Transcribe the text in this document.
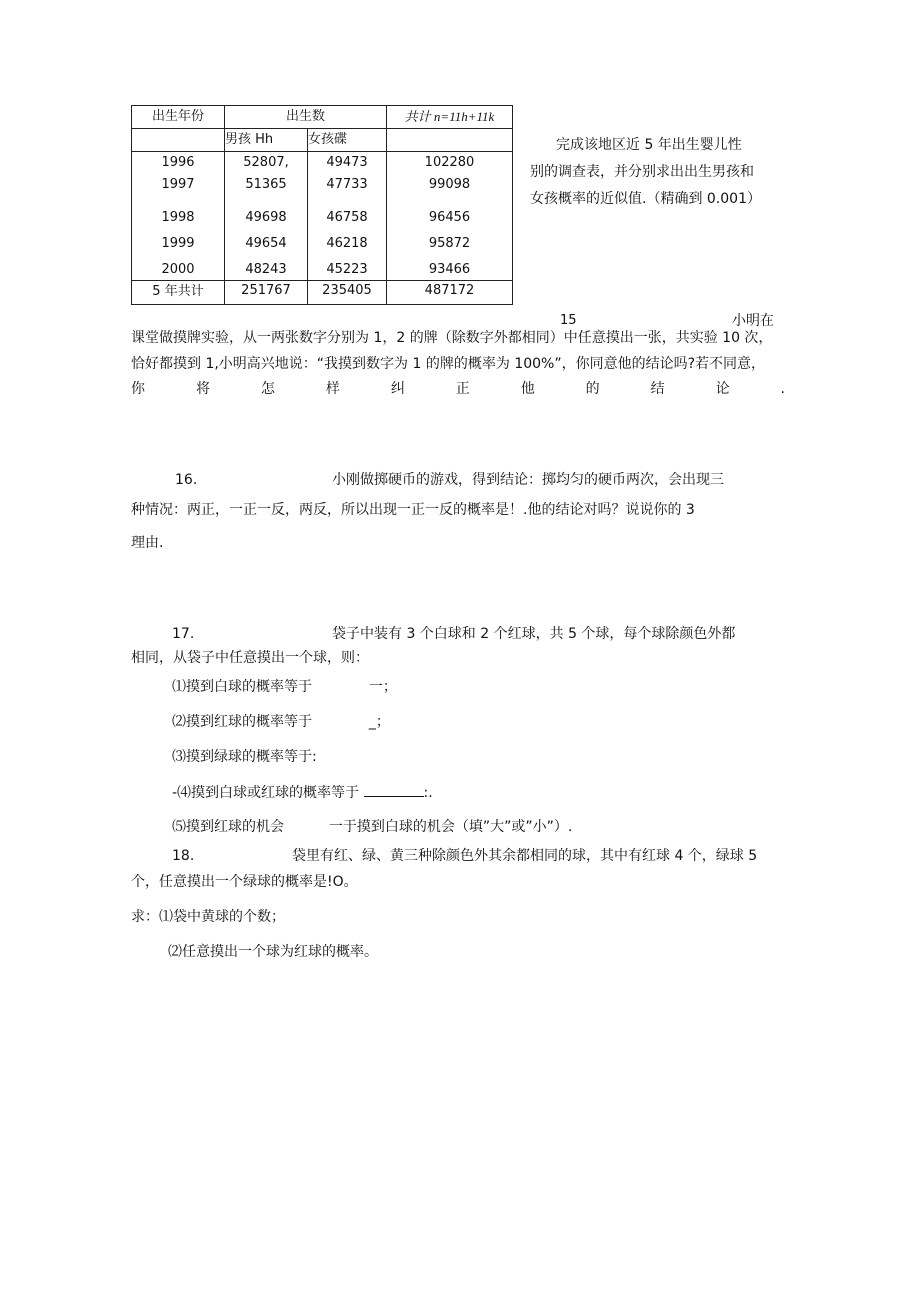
出生年份	出生数		共计 n=11h+11k
	男孩 Hh	女孩碟	
1996	52807,	49473	102280
1997	51365	47733	99098
1998	49698	46758	96456
1999	49654	46218	95872
2000	48243	45223	93466
5 年共计	251767	235405	487172
完成该地区近 5 年出生婴儿性
别的调查表，并分别求出出生男孩和
女孩概率的近似值.（精确到 0.001）
15	小明在
课堂做摸牌实验，从一两张数字分别为 1，2 的牌（除数字外都相同）中任意摸出一张，共实验 10 次，
恰好都摸到 1,小明高兴地说：“我摸到数字为 1 的牌的概率为 100%”，你同意他的结论吗?若不同意，
你	将	怎	样	纠	正	他	的	结	论	.
16.	小刚做掷硬币的游戏，得到结论：掷均匀的硬币两次，会出现三
种情况：两正，一正一反，两反，所以出现一正一反的概率是！.他的结论对吗？说说你的 3
理由.
17.	袋子中装有 3 个白球和 2 个红球，共 5 个球，每个球除颜色外都
相同，从袋子中任意摸出一个球，则：
⑴摸到白球的概率等于	一；
⑵摸到红球的概率等于	_；
⑶摸到绿球的概率等于:
-⑷摸到白球或红球的概率等于	:.
⑸摸到红球的机会	一于摸到白球的机会（填”大”或”小”）.
18.	袋里有红、绿、黄三种除颜色外其余都相同的球，其中有红球 4 个，绿球 5
个，任意摸出一个绿球的概率是!O。
求：⑴袋中黄球的个数；
⑵任意摸出一个球为红球的概率。
